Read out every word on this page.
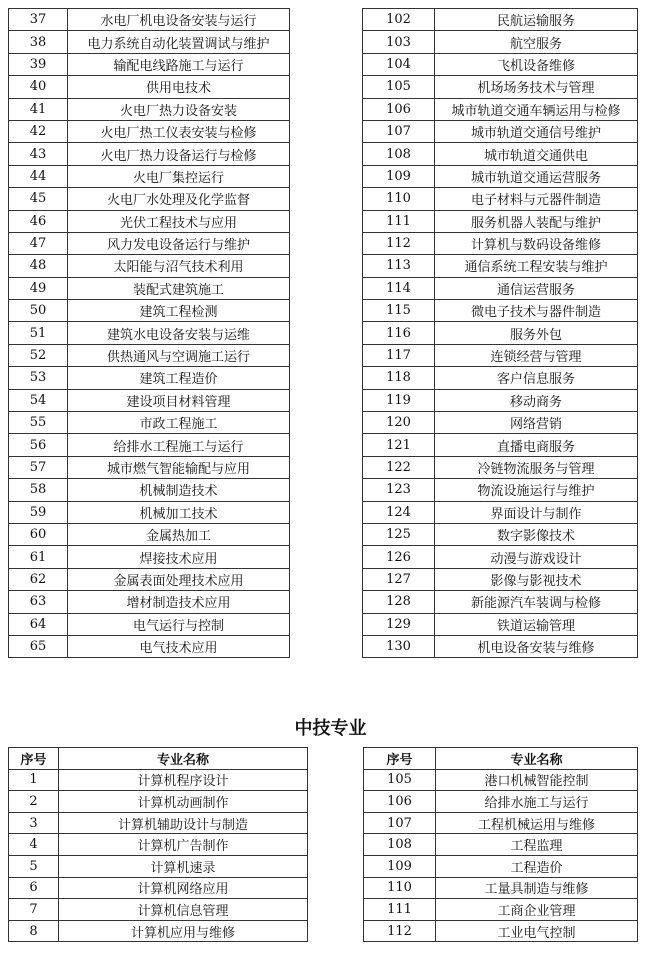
37	水电厂机电设备安装与运行
38	电力系统自动化装置调试与维护
39	输配电线路施工与运行
40	供用电技术
41	火电厂热力设备安装
42	火电厂热工仪表安装与检修
43	火电厂热力设备运行与检修
44	火电厂集控运行
45	火电厂水处理及化学监督
46	光伏工程技术与应用
47	风力发电设备运行与维护
48	太阳能与沼气技术利用
49	装配式建筑施工
50	建筑工程检测
51	建筑水电设备安装与运维
52	供热通风与空调施工运行
53	建筑工程造价
54	建设项目材料管理
55	市政工程施工
56	给排水工程施工与运行
57	城市燃气智能输配与应用
58	机械制造技术
59	机械加工技术
60	金属热加工
61	焊接技术应用
62	金属表面处理技术应用
63	增材制造技术应用
64	电气运行与控制
65	电气技术应用
102	民航运输服务
103	航空服务
104	飞机设备维修
105	机场场务技术与管理
106	城市轨道交通车辆运用与检修
107	城市轨道交通信号维护
108	城市轨道交通供电
109	城市轨道交通运营服务
110	电子材料与元器件制造
111	服务机器人装配与维护
112	计算机与数码设备维修
113	通信系统工程安装与维护
114	通信运营服务
115	微电子技术与器件制造
116	服务外包
117	连锁经营与管理
118	客户信息服务
119	移动商务
120	网络营销
121	直播电商服务
122	冷链物流服务与管理
123	物流设施运行与维护
124	界面设计与制作
125	数字影像技术
126	动漫与游戏设计
127	影像与影视技术
128	新能源汽车装调与检修
129	铁道运输管理
130	机电设备安装与维修
中技专业
序号	专业名称
1	计算机程序设计
2	计算机动画制作
3	计算机辅助设计与制造
4	计算机广告制作
5	计算机速录
6	计算机网络应用
7	计算机信息管理
8	计算机应用与维修
序号	专业名称
105	港口机械智能控制
106	给排水施工与运行
107	工程机械运用与维修
108	工程监理
109	工程造价
110	工量具制造与维修
111	工商企业管理
112	工业电气控制
